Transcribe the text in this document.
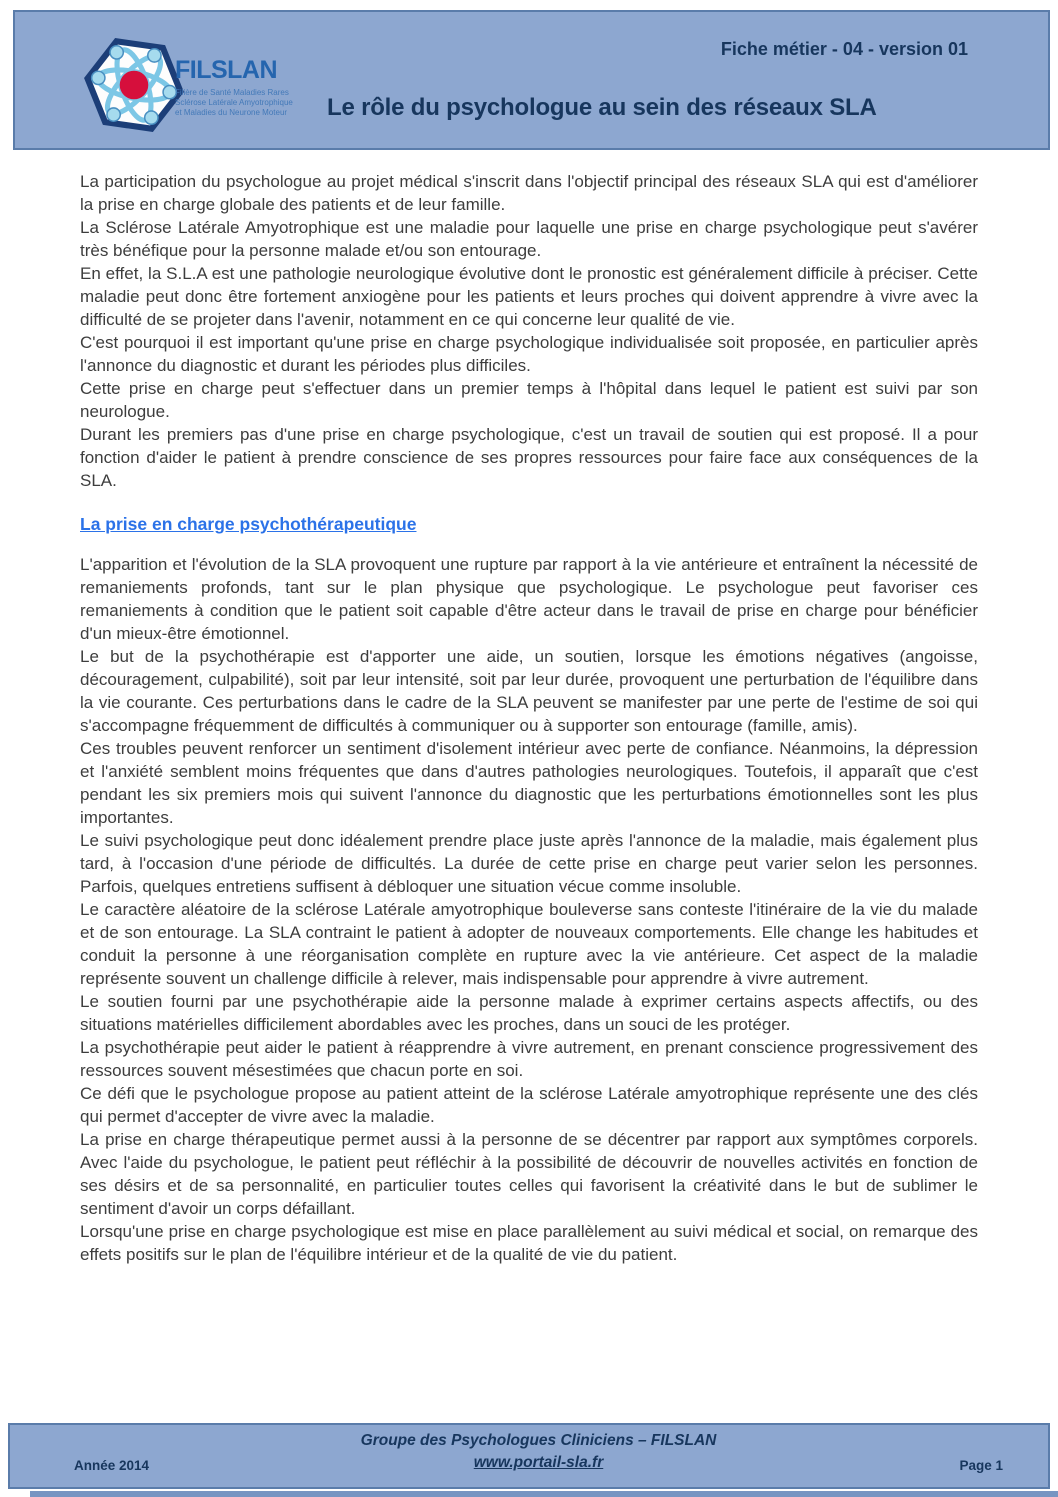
FILSLAN
Filière de Santé Maladies Rares
Sclérose Latérale Amyotrophique
et Maladies du Neurone Moteur
Fiche métier - 04 - version 01
Le rôle du psychologue au sein des réseaux SLA

La participation du psychologue au projet médical s'inscrit dans l'objectif principal des réseaux SLA qui est d'améliorer la prise en charge globale des patients et de leur famille.

La Sclérose Latérale Amyotrophique est une maladie pour laquelle une prise en charge psychologique peut s'avérer très bénéfique pour la personne malade et/ou son entourage.

En effet, la S.L.A est une pathologie neurologique évolutive dont le pronostic est généralement difficile à préciser. Cette maladie peut donc être fortement anxiogène pour les patients et leurs proches qui doivent apprendre à vivre avec la difficulté de se projeter dans l'avenir, notamment en ce qui concerne leur qualité de vie.

C'est pourquoi il est important qu'une prise en charge psychologique individualisée soit proposée, en particulier après l'annonce du diagnostic et durant les périodes plus difficiles.

Cette prise en charge peut s'effectuer dans un premier temps à l'hôpital dans lequel le patient est suivi par son neurologue.

Durant les premiers pas d'une prise en charge psychologique, c'est un travail de soutien qui est proposé. Il a pour fonction d'aider le patient à prendre conscience de ses propres ressources pour faire face aux conséquences de la SLA.

La prise en charge psychothérapeutique

L'apparition et l'évolution de la SLA provoquent une rupture par rapport à la vie antérieure et entraînent la nécessité de remaniements profonds, tant sur le plan physique que psychologique. Le psychologue peut favoriser ces remaniements à condition que le patient soit capable d'être acteur dans le travail de prise en charge pour bénéficier d'un mieux-être émotionnel.

Le but de la psychothérapie est d'apporter une aide, un soutien, lorsque les émotions négatives (angoisse, découragement, culpabilité), soit par leur intensité, soit par leur durée, provoquent une perturbation de l'équilibre dans la vie courante. Ces perturbations dans le cadre de la SLA peuvent se manifester par une perte de l'estime de soi qui s'accompagne fréquemment de difficultés à communiquer ou à supporter son entourage (famille, amis).

Ces troubles peuvent renforcer un sentiment d'isolement intérieur avec perte de confiance. Néanmoins, la dépression et l'anxiété semblent moins fréquentes que dans d'autres pathologies neurologiques. Toutefois, il apparaît que c'est pendant les six premiers mois qui suivent l'annonce du diagnostic que les perturbations émotionnelles sont les plus importantes.

Le suivi psychologique peut donc idéalement prendre place juste après l'annonce de la maladie, mais également plus tard, à l'occasion d'une période de difficultés. La durée de cette prise en charge peut varier selon les personnes. Parfois, quelques entretiens suffisent à débloquer une situation vécue comme insoluble.

Le caractère aléatoire de la sclérose Latérale amyotrophique bouleverse sans conteste l'itinéraire de la vie du malade et de son entourage. La SLA contraint le patient à adopter de nouveaux comportements. Elle change les habitudes et conduit la personne à une réorganisation complète en rupture avec la vie antérieure. Cet aspect de la maladie représente souvent un challenge difficile à relever, mais indispensable pour apprendre à vivre autrement.

Le soutien fourni par une psychothérapie aide la personne malade à exprimer certains aspects affectifs, ou des situations matérielles difficilement abordables avec les proches, dans un souci de les protéger.

La psychothérapie peut aider le patient à réapprendre à vivre autrement, en prenant conscience progressivement des ressources souvent mésestimées que chacun porte en soi.

Ce défi que le psychologue propose au patient atteint de la sclérose Latérale amyotrophique représente une des clés qui permet d'accepter de vivre avec la maladie.

La prise en charge thérapeutique permet aussi à la personne de se décentrer par rapport aux symptômes corporels. Avec l'aide du psychologue, le patient peut réfléchir à la possibilité de découvrir de nouvelles activités en fonction de ses désirs et de sa personnalité, en particulier toutes celles qui favorisent la créativité dans le but de sublimer le sentiment d'avoir un corps défaillant.

Lorsqu'une prise en charge psychologique est mise en place parallèlement au suivi médical et social, on remarque des effets positifs sur le plan de l'équilibre intérieur et de la qualité de vie du patient.

Année 2014
Groupe des Psychologues Cliniciens – FILSLAN
www.portail-sla.fr	Page 1
